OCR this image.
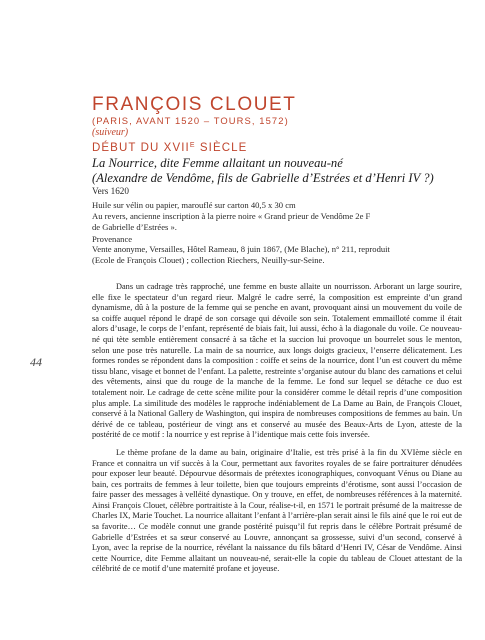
FRANÇOIS CLOUET
(PARIS, AVANT 1520 – TOURS, 1572)
(suiveur)
DÉBUT DU $XVII^E$ SIÈCLE
La Nourrice, dite Femme allaitant un nouveau-né
(Alexandre de Vendôme, fils de Gabrielle d’Estrées et d’Henri IV ?)
Vers 1620
Huile sur vélin ou papier, marouflé sur carton 40,5 x 30 cm
Au revers, ancienne inscription à la pierre noire « Grand prieur de Vendôme 2e F
de Gabrielle d’Estrées ».
Provenance
Vente anonyme, Versailles, Hôtel Rameau, 8 juin 1867, (Me Blache), n° 211, reproduit
(Ecole de François Clouet) ; collection Riechers, Neuilly-sur-Seine.
44

Dans un cadrage très rapproché, une femme en buste allaite un nourrisson. Arborant un large sourire, elle fixe le spectateur d’un regard rieur. Malgré le cadre serré, la composition est empreinte d’un grand dynamisme, dû à la posture de la femme qui se penche en avant, provoquant ainsi un mouvement du voile de sa coiffe auquel répond le drapé de son corsage qui dévoile son sein. Totalement emmailloté comme il était alors d’usage, le corps de l’enfant, représenté de biais fait, lui aussi, écho à la diagonale du voile. Ce nouveau-né qui tète semble entièrement consacré à sa tâche et la succion lui provoque un bourrelet sous le menton, selon une pose très naturelle. La main de sa nourrice, aux longs doigts gracieux, l’enserre délicatement. Les formes rondes se répondent dans la composition : coiffe et seins de la nourrice, dont l’un est couvert du même tissu blanc, visage et bonnet de l’enfant. La palette, restreinte s’organise autour du blanc des carnations et celui des vêtements, ainsi que du rouge de la manche de la femme. Le fond sur lequel se détache ce duo est totalement noir. Le cadrage de cette scène milite pour la considérer comme le détail repris d’une composition plus ample. La similitude des modèles le rapproche indéniablement de La Dame au Bain, de François Clouet, conservé à la National Gallery de Washington, qui inspira de nombreuses compositions de femmes au bain. Un dérivé de ce tableau, postérieur de vingt ans et conservé au musée des Beaux-Arts de Lyon, atteste de la postérité de ce motif : la nourrice y est reprise à l’identique mais cette fois inversée.

Le thème profane de la dame au bain, originaire d’Italie, est très prisé à la fin du XVIème siècle en France et connaitra un vif succès à la Cour, permettant aux favorites royales de se faire portraiturer dénudées pour exposer leur beauté. Dépourvue désormais de prétextes iconographiques, convoquant Vénus ou Diane au bain, ces portraits de femmes à leur toilette, bien que toujours empreints d’érotisme, sont aussi l’occasion de faire passer des messages à velléité dynastique. On y trouve, en effet, de nombreuses références à la maternité. Ainsi François Clouet, célèbre portraitiste à la Cour, réalise-t-il, en 1571 le portrait présumé de la maitresse de Charles IX, Marie Touchet. La nourrice allaitant l’enfant à l’arrière-plan serait ainsi le fils ainé que le roi eut de sa favorite… Ce modèle connut une grande postérité puisqu’il fut repris dans le célèbre Portrait présumé de Gabrielle d’Estrées et sa sœur conservé au Louvre, annonçant sa grossesse, suivi d’un second, conservé à Lyon, avec la reprise de la nourrice, révélant la naissance du fils bâtard d’Henri IV, César de Vendôme. Ainsi cette Nourrice, dite Femme allaitant un nouveau-né, serait-elle la copie du tableau de Clouet attestant de la célébrité de ce motif d’une maternité profane et joyeuse.
